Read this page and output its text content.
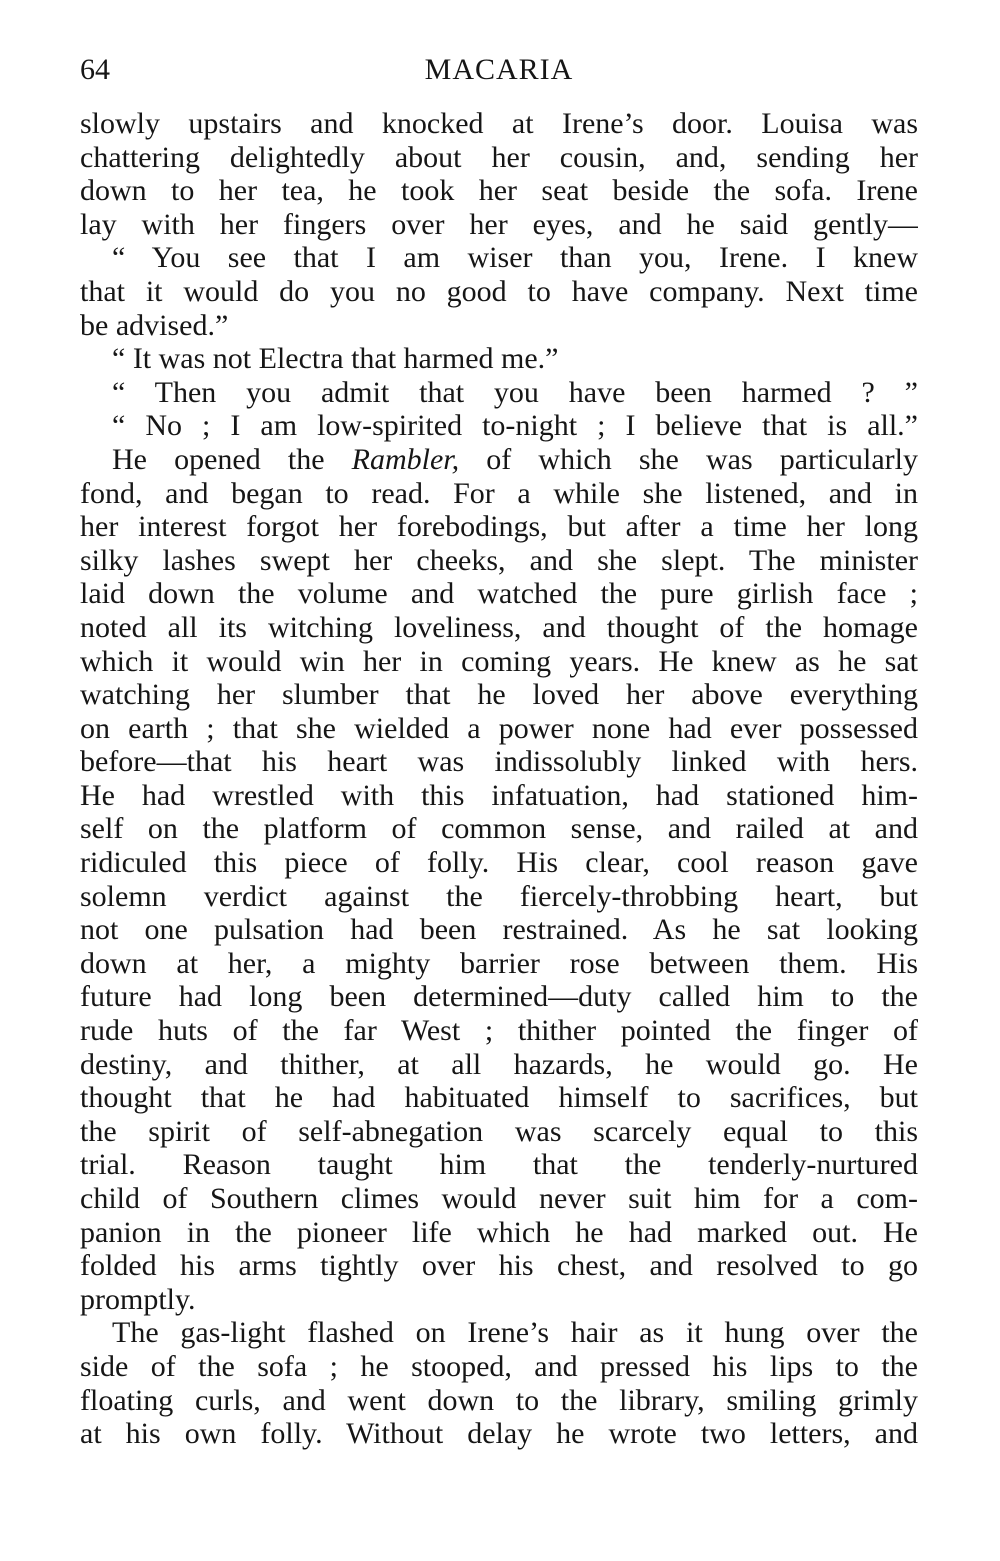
64	MACARIA
slowly upstairs and knocked at Irene’s door. Louisa was
chattering delightedly about her cousin, and, sending her
down to her tea, he took her seat beside the sofa. Irene
lay with her fingers over her eyes, and he said gently—
“ You see that I am wiser than you, Irene. I knew
that it would do you no good to have company. Next time
be advised.”
“ It was not Electra that harmed me.”
“ Then you admit that you have been harmed ? ”
“ No ; I am low-spirited to-night ; I believe that is all.”
He opened the Rambler, of which she was particularly
fond, and began to read. For a while she listened, and in
her interest forgot her forebodings, but after a time her long
silky lashes swept her cheeks, and she slept. The minister
laid down the volume and watched the pure girlish face ;
noted all its witching loveliness, and thought of the homage
which it would win her in coming years. He knew as he sat
watching her slumber that he loved her above everything
on earth ; that she wielded a power none had ever possessed
before—that his heart was indissolubly linked with hers.
He had wrestled with this infatuation, had stationed him-
self on the platform of common sense, and railed at and
ridiculed this piece of folly. His clear, cool reason gave
solemn verdict against the fiercely-throbbing heart, but
not one pulsation had been restrained. As he sat looking
down at her, a mighty barrier rose between them. His
future had long been determined—duty called him to the
rude huts of the far West ; thither pointed the finger of
destiny, and thither, at all hazards, he would go. He
thought that he had habituated himself to sacrifices, but
the spirit of self-abnegation was scarcely equal to this
trial. Reason taught him that the tenderly-nurtured
child of Southern climes would never suit him for a com-
panion in the pioneer life which he had marked out. He
folded his arms tightly over his chest, and resolved to go
promptly.
The gas-light flashed on Irene’s hair as it hung over the
side of the sofa ; he stooped, and pressed his lips to the
floating curls, and went down to the library, smiling grimly
at his own folly. Without delay he wrote two letters, and
